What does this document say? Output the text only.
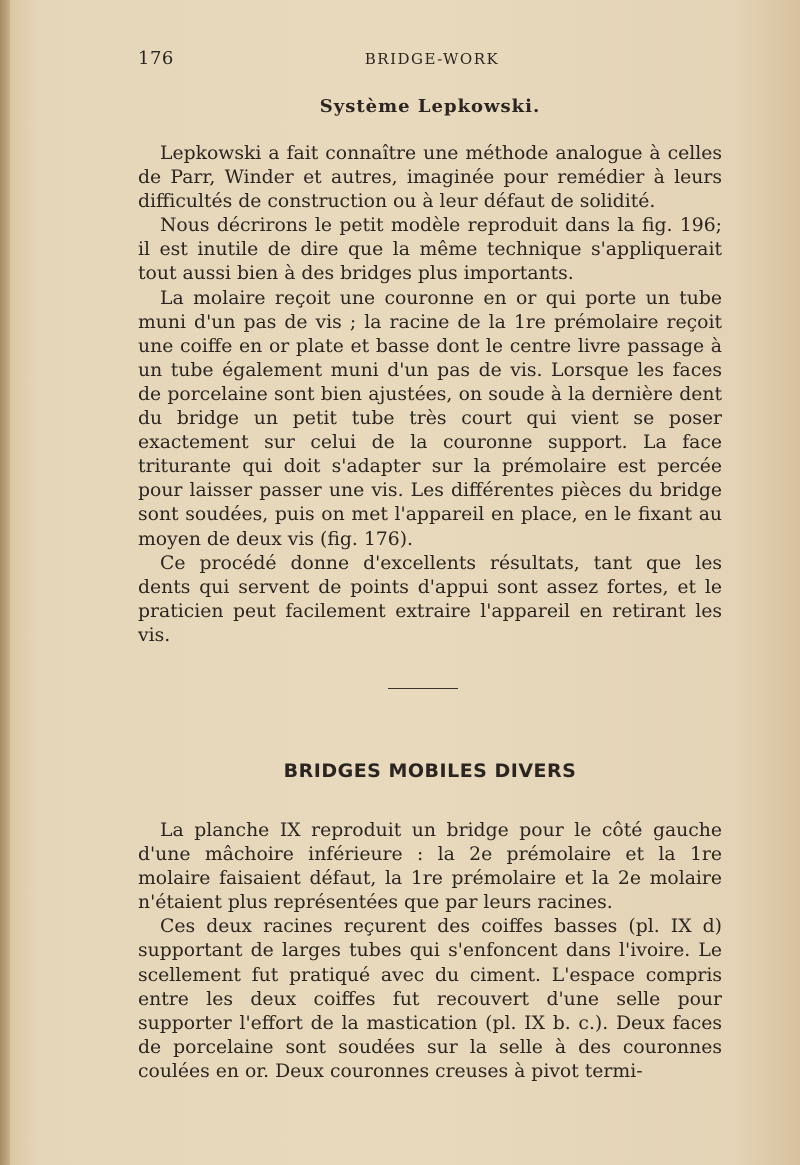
176	BRIDGE-WORK
Système Lepkowski.

Lepkowski a fait connaître une méthode analogue à celles de Parr, Winder et autres, imaginée pour remédier à leurs difficultés de construction ou à leur défaut de solidité.

Nous décrirons le petit modèle reproduit dans la fig. 196; il est inutile de dire que la même technique s'appliquerait tout aussi bien à des bridges plus importants.

La molaire reçoit une couronne en or qui porte un tube muni d'un pas de vis ; la racine de la 1re prémolaire reçoit une coiffe en or plate et basse dont le centre livre passage à un tube également muni d'un pas de vis. Lorsque les faces de porcelaine sont bien ajustées, on soude à la dernière dent du bridge un petit tube très court qui vient se poser exactement sur celui de la couronne support. La face triturante qui doit s'adapter sur la prémolaire est percée pour laisser passer une vis. Les différentes pièces du bridge sont soudées, puis on met l'appareil en place, en le fixant au moyen de deux vis (fig. 176).

Ce procédé donne d'excellents résultats, tant que les dents qui servent de points d'appui sont assez fortes, et le praticien peut facilement extraire l'appareil en retirant les vis.

BRIDGES MOBILES DIVERS

La planche IX reproduit un bridge pour le côté gauche d'une mâchoire inférieure : la 2e prémolaire et la 1re molaire faisaient défaut, la 1re prémolaire et la 2e molaire n'étaient plus représentées que par leurs racines.

Ces deux racines reçurent des coiffes basses (pl. IX d) supportant de larges tubes qui s'enfoncent dans l'ivoire. Le scellement fut pratiqué avec du ciment. L'espace compris entre les deux coiffes fut recouvert d'une selle pour supporter l'effort de la mastication (pl. IX b. c.). Deux faces de porcelaine sont soudées sur la selle à des couronnes coulées en or. Deux couronnes creuses à pivot termi-
